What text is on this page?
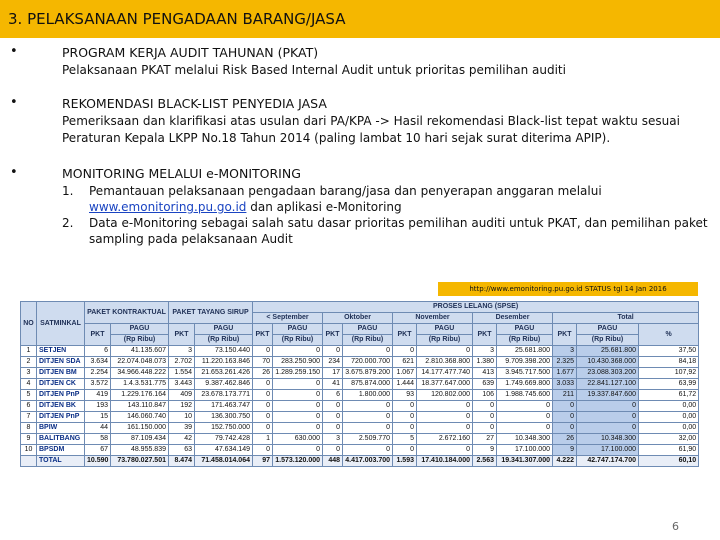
3. PELAKSANAAN PENGADAAN BARANG/JASA
•	PROGRAM KERJA AUDIT TAHUNAN (PKAT)
Pelaksanaan PKAT melalui Risk Based Internal Audit untuk prioritas pemilihan auditi
•	REKOMENDASI BLACK-LIST PENYEDIA JASA
Pemeriksaan dan klarifikasi atas usulan dari PA/KPA -> Hasil rekomendasi Black-list tepat waktu sesuai Peraturan Kepala LKPP No.18 Tahun 2014 (paling lambat 10 hari sejak surat diterima APIP).
•	MONITORING MELALUI e-MONITORING
1. Pemantauan pelaksanaan pengadaan barang/jasa dan penyerapan anggaran melalui
www.emonitoring.pu.go.id dan aplikasi e-Monitoring
2. Data e-Monitoring sebagai salah satu dasar prioritas pemilihan auditi untuk PKAT, dan pemilihan paket sampling pada pelaksanaan Audit
http://www.emonitoring.pu.go.id STATUS tgl 14 Jan 2016
NO	SATMINKAL	PAKET KONTRAKTUAL		PAKET TAYANG SIRUP		PROSES LELANG (SPSE)										
						< September		Oktober		November		Desember		Total		
		PKT	PAGU	PKT	PAGU	PKT	PAGU	PKT	PAGU	PKT	PAGU	PKT	PAGU	PKT	PAGU	%
			(Rp Ribu)		(Rp Ribu)		(Rp Ribu)		(Rp Ribu)		(Rp Ribu)		(Rp Ribu)		(Rp Ribu)	
1	SETJEN	6	41.135.607	3	73.150.440	0	0	0	0	0	0	3	25.681.800	3	25.681.800	37,50
2	DITJEN SDA	3.634	22.074.048.073	2.702	11.220.163.846	70	283.250.900	234	720.000.700	621	2.810.368.800	1.380	9.709.398.200	2.325	10.430.368.000	84,18
3	DITJEN BM	2.254	34.966.448.222	1.554	21.653.261.426	26	1.289.259.150	17	3.675.879.200	1.067	14.177.477.740	413	3.945.717.500	1.677	23.088.303.200	107,92
4	DITJEN CK	3.572	1.4.3.531.775	3.443	9.387.462.846	0	0	41	875.874.000	1.444	18.377.647.000	639	1.749.669.800	3.033	22.841.127.100	63,99
5	DITJEN PnP	419	1.229.176.164	409	23.678.173.771	0	0	6	1.800.000	93	120.802.000	106	1.988.745.600	211	19.337.847.600	61,72
6	DITJEN BK	193	143.110.847	192	171.463.747	0	0	0	0	0	0	0	0	0	0	0,00
7	DITJEN PnP	15	146.060.740	10	136.300.750	0	0	0	0	0	0	0	0	0	0	0,00
8	BPIW	44	161.150.000	39	152.750.000	0	0	0	0	0	0	0	0	0	0	0,00
9	BALITBANG	58	87.109.434	42	79.742.428	1	630.000	3	2.509.770	5	2.672.160	27	10.348.300	26	10.348.300	32,00
10	BPSDM	67	48.955.839	63	47.634.149	0	0	0	0	0	0	9	17.100.000	9	17.100.000	61,90
	TOTAL	10.590	73.780.027.501	8.474	71.458.014.064	97	1.573.120.000	448	4.417.003.700	1.593	17.410.184.000	2.563	19.341.307.000	4.222	42.747.174.700	60,10
6
